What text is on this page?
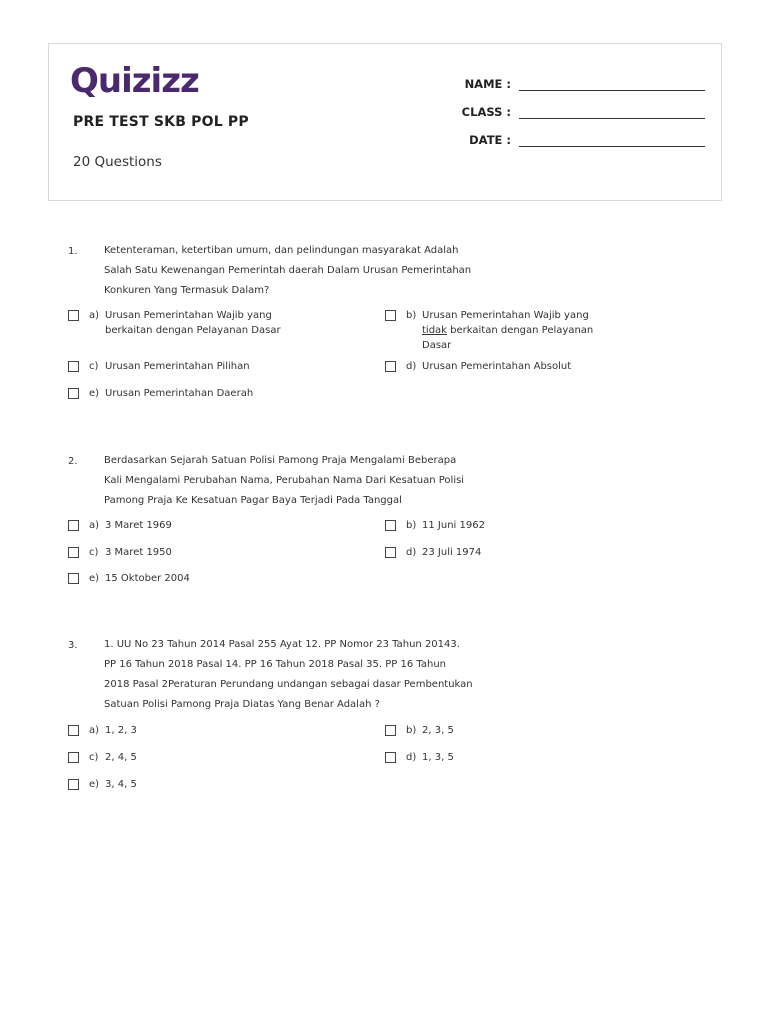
Quizizz
PRE TEST SKB POL PP
20 Questions
NAME :
CLASS :
DATE :
1.	Ketenteraman, ketertiban umum, dan pelindungan masyarakat Adalah Salah Satu Kewenangan Pemerintah daerah Dalam Urusan Pemerintahan Konkuren Yang Termasuk Dalam?
a) Urusan Pemerintahan Wajib yang berkaitan dengan Pelayanan Dasar
b) Urusan Pemerintahan Wajib yang tidak berkaitan dengan Pelayanan Dasar
c) Urusan Pemerintahan Pilihan	d) Urusan Pemerintahan Absolut
e) Urusan Pemerintahan Daerah
2.	Berdasarkan Sejarah Satuan Polisi Pamong Praja Mengalami Beberapa Kali Mengalami Perubahan Nama, Perubahan Nama Dari Kesatuan Polisi Pamong Praja Ke Kesatuan Pagar Baya Terjadi Pada Tanggal
a) 3 Maret 1969	b) 11 Juni 1962
c) 3 Maret 1950	d) 23 Juli 1974
e) 15 Oktober 2004
3.	1. UU No 23 Tahun 2014 Pasal 255 Ayat 12. PP Nomor 23 Tahun 20143. PP 16 Tahun 2018 Pasal 14. PP 16 Tahun 2018 Pasal 35. PP 16 Tahun 2018 Pasal 2Peraturan Perundang undangan sebagai dasar Pembentukan Satuan Polisi Pamong Praja Diatas Yang Benar Adalah ?
a) 1, 2, 3	b) 2, 3, 5
c) 2, 4, 5	d) 1, 3, 5
e) 3, 4, 5
